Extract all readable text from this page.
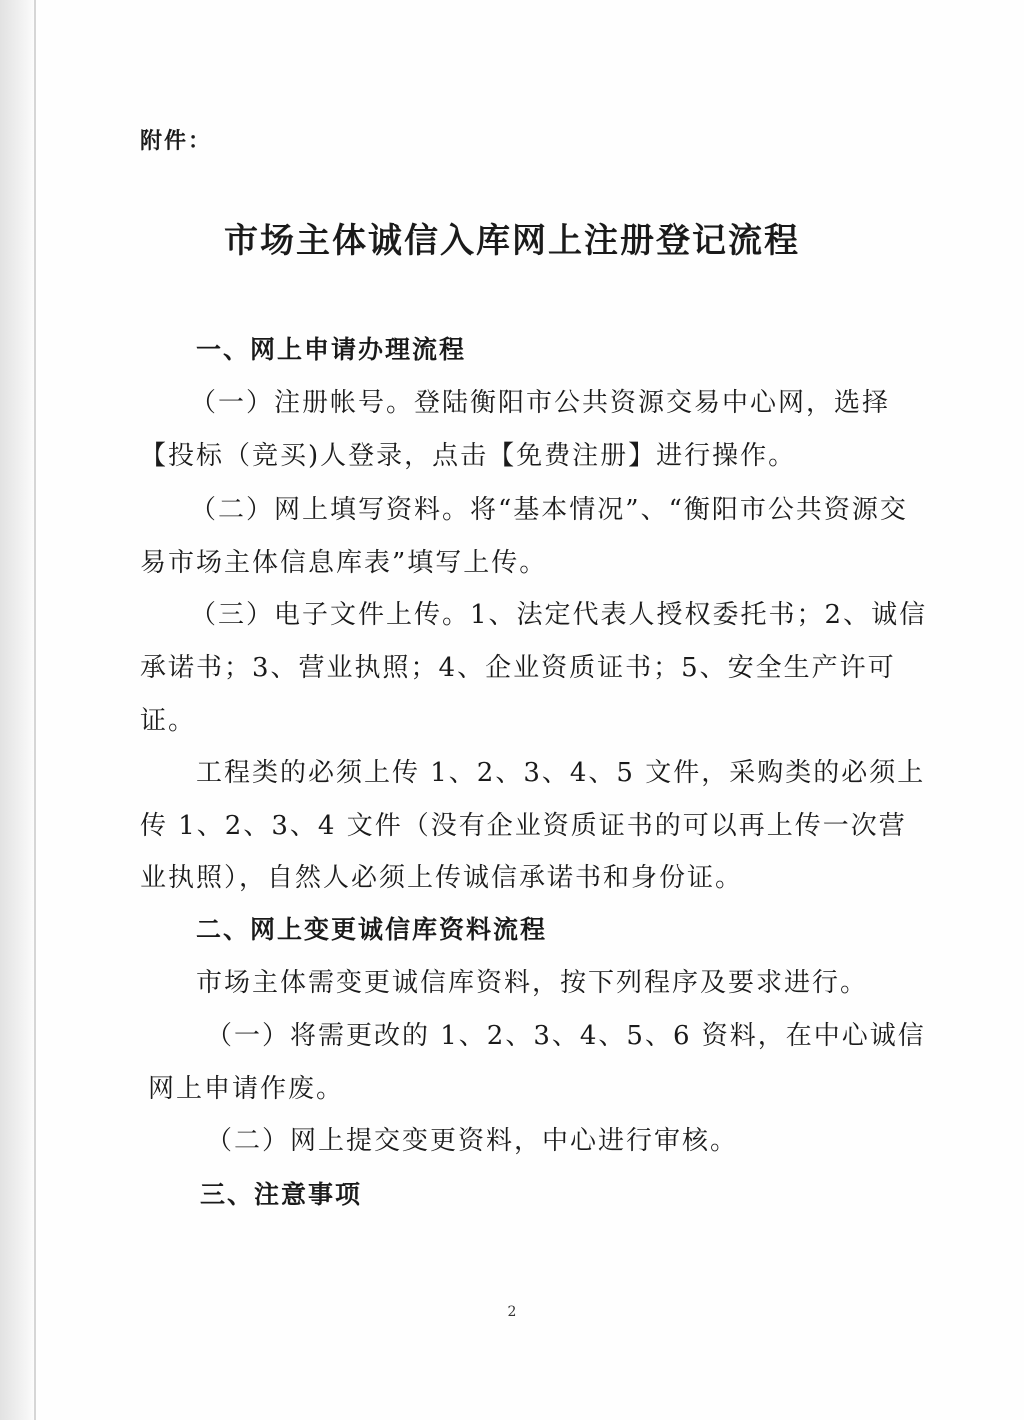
附件：
市场主体诚信入库网上注册登记流程
一、网上申请办理流程
（一）注册帐号。登陆衡阳市公共资源交易中心网，选择
【投标（竞买)人登录，点击【免费注册】进行操作。
（二）网上填写资料。将“基本情况”、“衡阳市公共资源交
易市场主体信息库表”填写上传。
（三）电子文件上传。1、法定代表人授权委托书；2、诚信
承诺书；3、营业执照；4、企业资质证书；5、安全生产许可
证。
工程类的必须上传 1、2、3、4、5 文件，采购类的必须上
传 1、2、3、4 文件（没有企业资质证书的可以再上传一次营
业执照），自然人必须上传诚信承诺书和身份证。
二、网上变更诚信库资料流程
市场主体需变更诚信库资料，按下列程序及要求进行。
（一）将需更改的 1、2、3、4、5、6 资料，在中心诚信
网上申请作废。
（二）网上提交变更资料，中心进行审核。
三、注意事项
2
